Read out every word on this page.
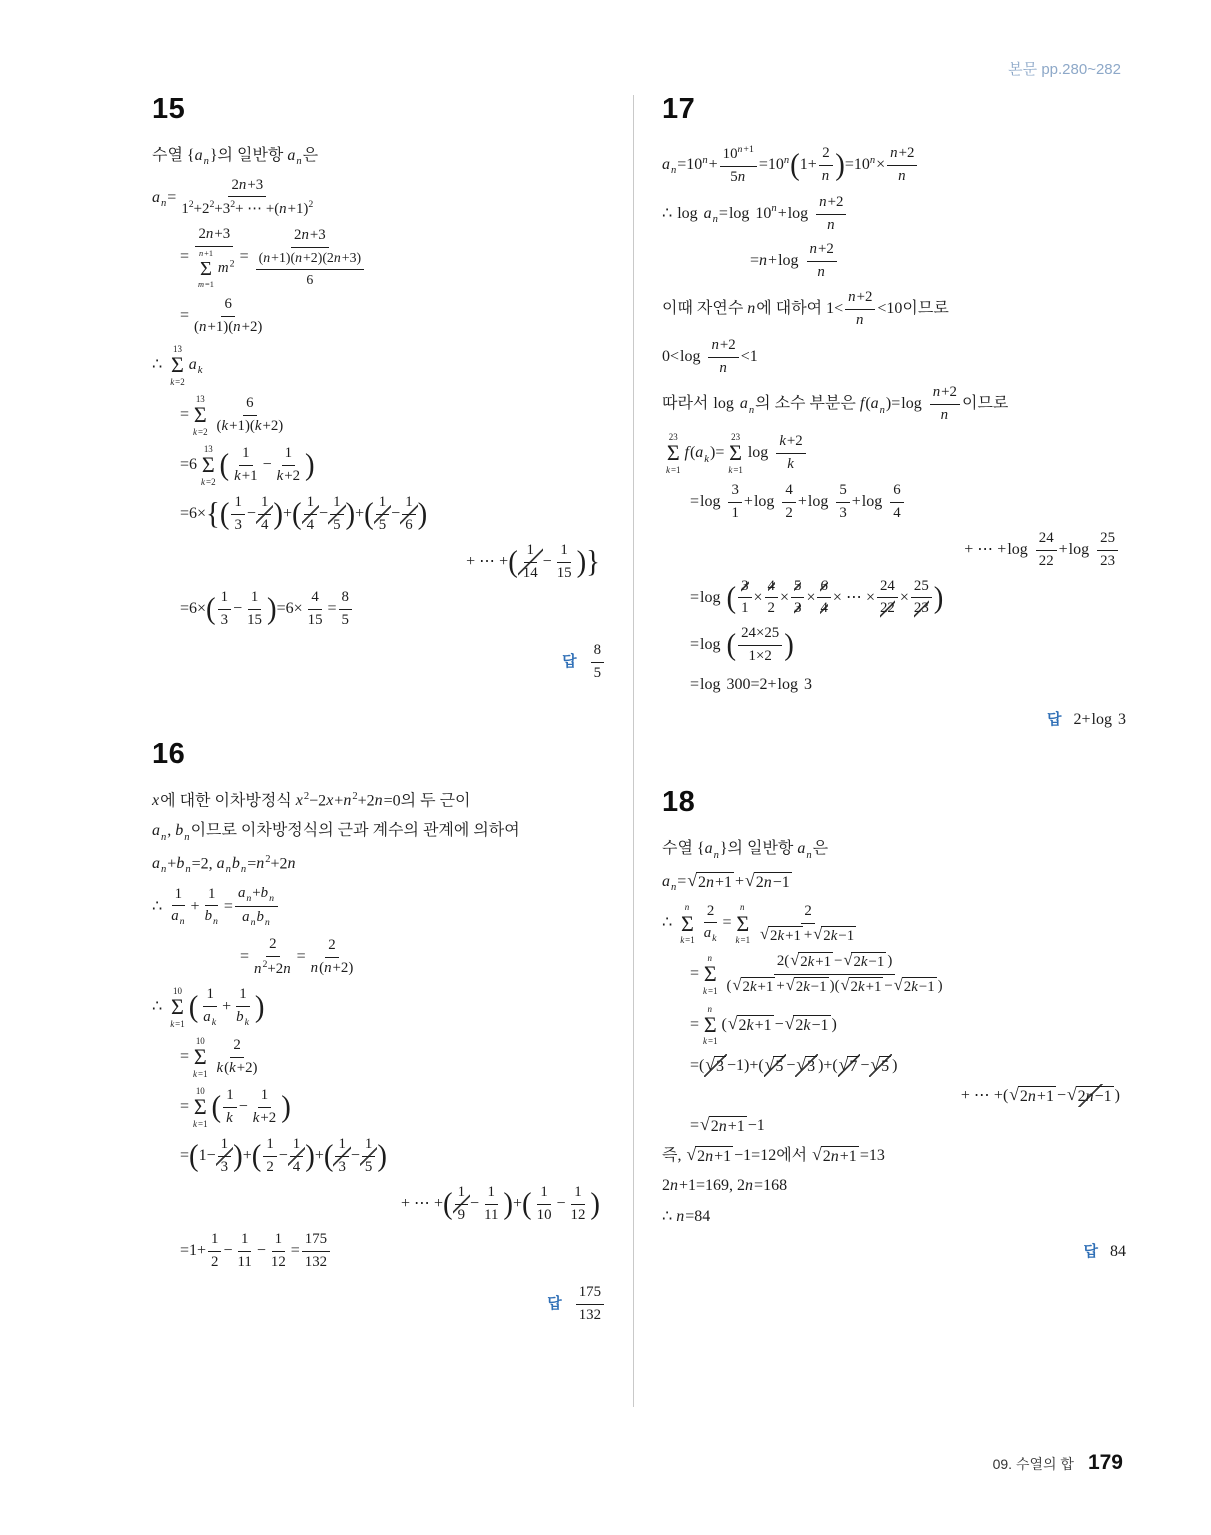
본문 pp.280~282
15
수열 $\{a_n\}$의 일반항 $a_n$은
$a_n= \frac{2n+3}{1^2+2^2+3^2+ \cdots +(n+1)^2}$
= 2n+3
n+1
Σ
m=1
$m^2 = \frac{2n+3}{\frac{(n+1)(n+2)(2n+3)}{6}}$
= $\frac{6}{(n+1)(n+2)}$
∴
13
Σ
k=2
$a_k$
=
13
Σ
$k=2 \frac{6}{(k+1)(k+2)}$
=6
13
Σ
k=2 ( $\frac{1}{k+1} - \frac{1}{k+2}$ )
$=6\times\{( \frac{1}{3} - \frac{1}{4}$ )+( $\frac{1}{4} - \frac{1}{5}$ )+( $\frac{1}{5} - \frac{1}{6}$ )
+ ⋯ +( $\frac{1}{14} - \frac{1}{15}$ )}
$=6\times( \frac{1}{3} - \frac{1}{15} )=6\times \frac{4}{15} = \frac{8}{5}$
답 $\frac{8}{5}$
16
x에 대한 이차방정식 $x^2-2x+n^2+2n=0$의 두 근이
$a_n$, $b_n$이므로 이차방정식의 근과 계수의 관계에 의하여
$a_n+b_n=2$, $a_nb_n=n^2+2n$
∴ $\frac{1}{a_n} + \frac{1}{b_n} = \frac{a_n+b_n}{a_nb_n}$
= $\frac{2}{n^2+2n} = \frac{2}{n(n+2)}$
∴
10
Σ
k=1 ( $\frac{1}{a_k} + \frac{1}{b_k}$ )
=
10
Σ
$k=1 \frac{2}{k(k+2)}$
=
10
Σ
k=1 ( $\frac{1}{k} - \frac{1}{k+2}$ )
$=(1- \frac{1}{3}$ )+( $\frac{1}{2} - \frac{1}{4}$ )+( $\frac{1}{3} - \frac{1}{5}$ )
+ ⋯ +( $\frac{1}{9} - \frac{1}{11}$ )+( $\frac{1}{10} - \frac{1}{12}$ )
$=1+ \frac{1}{2} - \frac{1}{11} - \frac{1}{12} = \frac{175}{132}$
답 $\frac{175}{132}$
17
$a_n=10^n+ \frac{10^{n+1}}{5n} =10^n(1+ \frac{2}{n} )=10^n\times \frac{n+2}{n}$
∴ $\log a_n=\log$ $10^n+\log \frac{n+2}{n}$
$=n+\log \frac{n+2}{n}$
이때 자연수 n에 대하여 $1< \frac{n+2}{n} <10$이므로
$0<\log \frac{n+2}{n} <1$
따라서 $\log a_n$의 소수 부분은 $f(a_n)=\log \frac{n+2}{n}$ 이므로
23
Σ
k=1
$f(a_k)=$
23
Σ
k=1
$\log \frac{k+2}{k}$
$=\log \frac{3}{1} +\log \frac{4}{2} +\log \frac{5}{3} +\log \frac{6}{4}$
+ ⋯ $+\log \frac{24}{22} +\log \frac{25}{23}$
=log ( $\frac{3}{1} \times \frac{4}{2} \times \frac{5}{3} \times \frac{6}{4}$ × ⋯ × $\frac{24}{22} \times \frac{25}{23}$ )
=log ( $\frac{24\times 25}{1\times 2}$ )
=log 300=2+log 3
답 2+log 3
18
수열 $\{a_n\}$의 일반항 $a_n$은
$a_n=$ √ 2n+1 + √ 2n−1
∴
n
Σ
$k=1 \frac{2}{a_k}$ =
n
Σ
$k=1 \frac{2}{√ 2k+1 + √ 2k-1}$
=
n
Σ
$k=1 \frac{2( √ 2k+1 - √ 2k-1 )}{( √ 2k+1 + √ 2k-1 )( √ 2k+1 - √ 2k-1 )}$
=
n
Σ
k=1
( √ 2k+1 − √ 2k−1 )
=( √ 3 −1)+( √ 5 − √ 3 )+( √ 7 − √ 5 )
+ ⋯ +( √ 2n+1 − √ 2n−1 )
= √ 2n+1 −1
즉, √ 2n+1 −1=12에서 √ 2n+1 =13
2n+1=169, 2n=168
∴ n=84
답 84
09. 수열의 합 179
